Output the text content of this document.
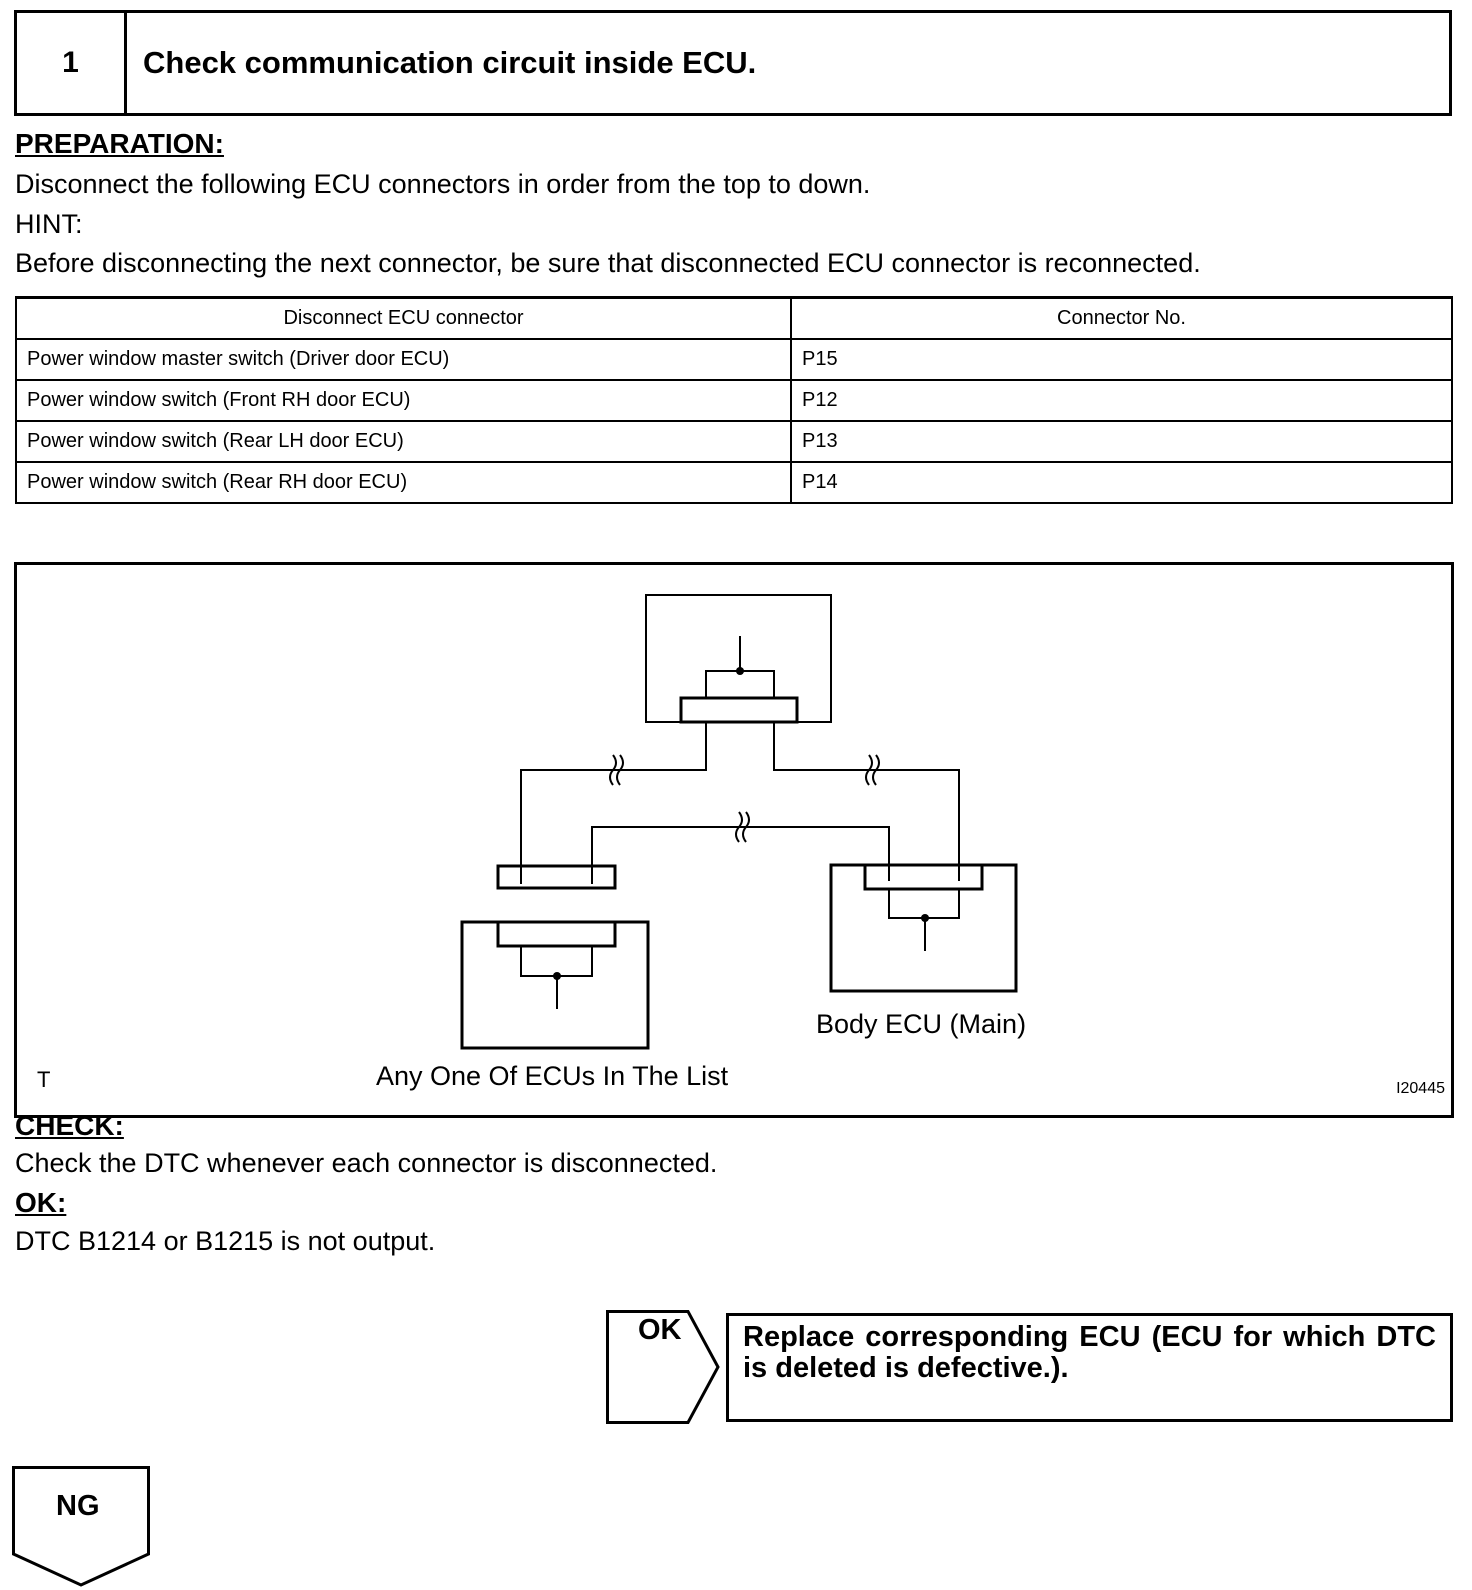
1	Check communication circuit inside ECU.
PREPARATION:
Disconnect the following ECU connectors in order from the top to down.
HINT:
Before disconnecting the next connector, be sure that disconnected ECU connector is reconnected.
Disconnect ECU connector	Connector No.
Power window master switch (Driver door ECU)	P15
Power window switch (Front RH door ECU)	P12
Power window switch (Rear LH door ECU)	P13
Power window switch (Rear RH door ECU)	P14
Body ECU (Main)
Any One Of ECUs In The List
T	I20445
CHECK:
Check the DTC whenever each connector is disconnected.
OK:
DTC B1214 or B1215 is not output.
OK	Replace corresponding ECU (ECU for which DTC is deleted is defective.).
NG
